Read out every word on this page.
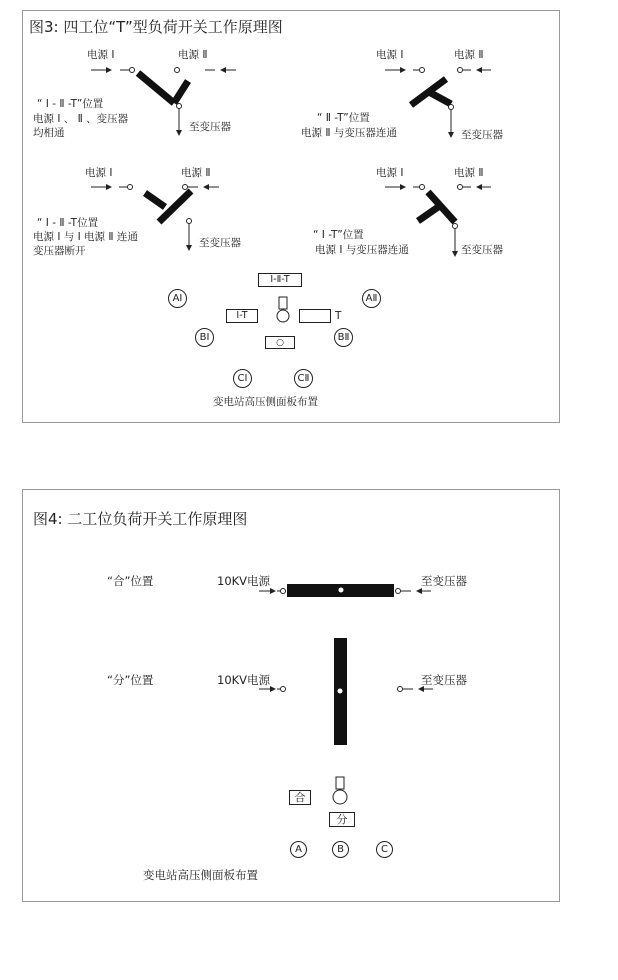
图3: 四工位“T”型负荷开关工作原理图
电源 Ⅰ	电源 Ⅱ
“ Ⅰ - Ⅱ -T”位置
电源 Ⅰ 、 Ⅱ 、变压器
均相通	至变压器
电源 Ⅰ	电源 Ⅱ
“ Ⅱ -T”位置
电源 Ⅱ 与变压器连通	至变压器
电源 Ⅰ	电源 Ⅱ
“ Ⅰ - Ⅱ -T位置
电源 Ⅰ 与 Ⅰ 电源 Ⅱ 连通
变压器断开
至变压器
电源 Ⅰ	电源 Ⅱ
“ Ⅰ -T”位置
电源 Ⅰ 与变压器连通	至变压器
Ⅰ-Ⅱ-T
Ⅰ-T	T
○
AⅠ	AⅡ
BⅠ	BⅡ
CⅠ	CⅡ
变电站高压侧面板布置
图4: 二工位负荷开关工作原理图
“合”位置	10KV电源	至变压器
“分”位置	10KV电源	至变压器
合
分
A	B	C
变电站高压侧面板布置
